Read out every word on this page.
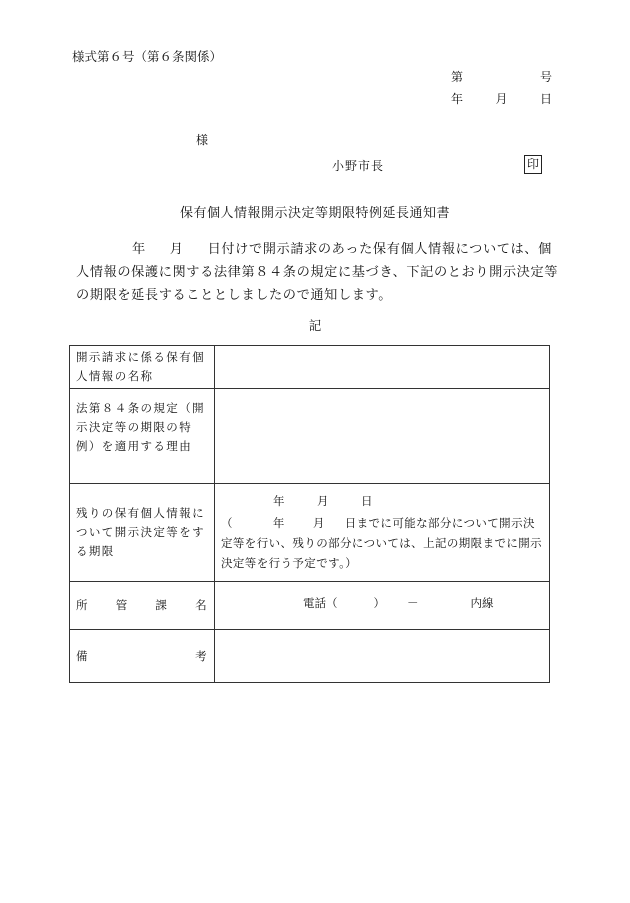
様式第６号（第６条関係）
第	号
年	月	日
様
小野市長	印
保有個人情報開示決定等期限特例延長通知書
年 月 日付けで開示請求のあった保有個人情報については、個人情報の保護に関する法律第８４条の規定に基づき、下記のとおり開示決定等の期限を延長することとしましたので通知します。
記
開示請求に係る保有個人情報の名称	

法第８４条の規定（開示決定等の期限の特例）を適用する理由	

残りの保有個人情報について開示決定等をする期限	年 月 日
（ 年 月 日までに可能な部分について開示決定等を行い、残りの部分については、上記の期限までに開示決定等を行う予定です。）

所 管 課 名	電話（ ） － 内線

備 考	
